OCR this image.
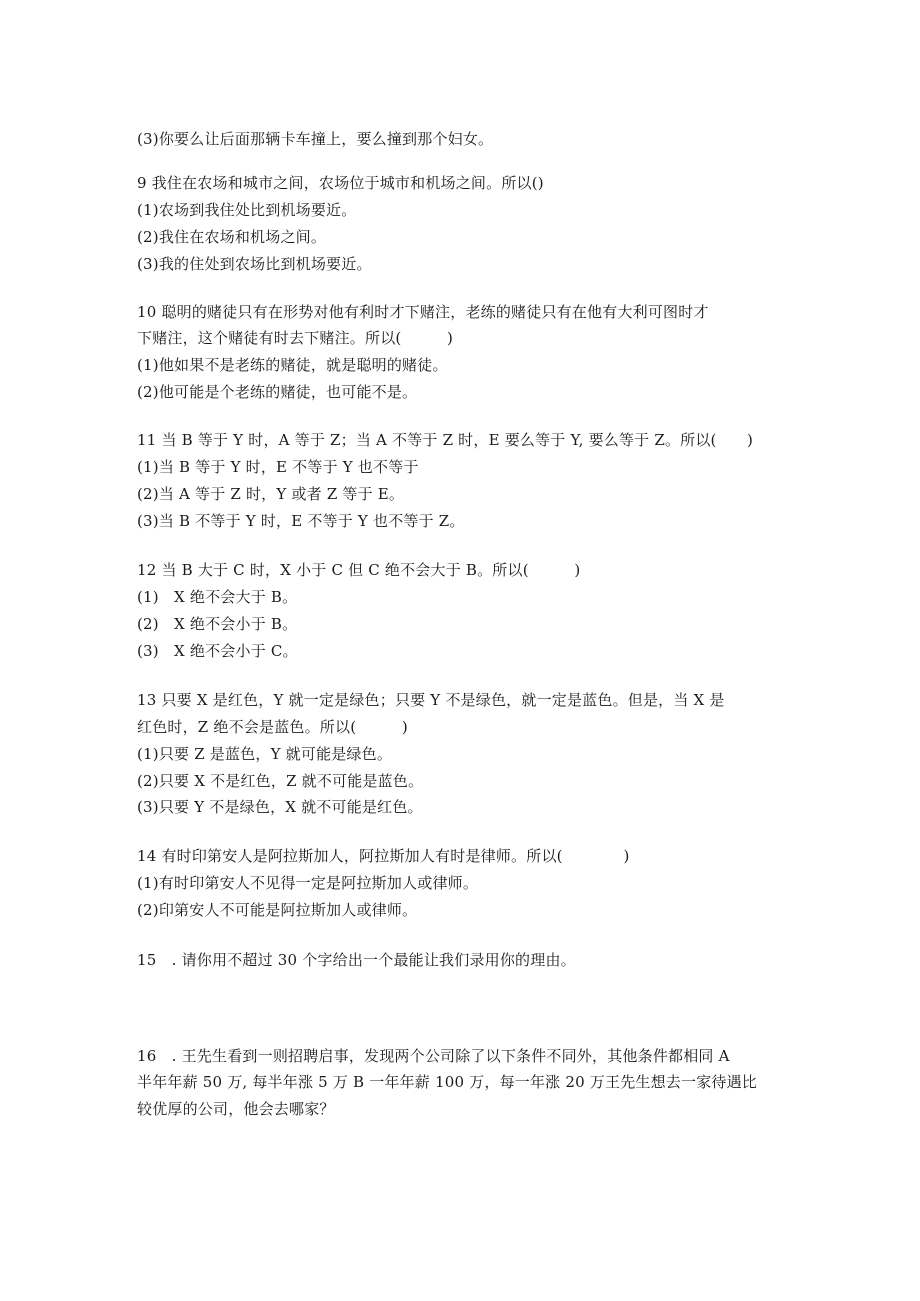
(3)你要么让后面那辆卡车撞上，要么撞到那个妇女。
9 我住在农场和城市之间，农场位于城市和机场之间。所以()
(1)农场到我住处比到机场要近。
(2)我住在农场和机场之间。
(3)我的住处到农场比到机场要近。
10 聪明的赌徒只有在形势对他有利时才下赌注，老练的赌徒只有在他有大利可图时才
下赌注，这个赌徒有时去下赌注。所以(　　　)
(1)他如果不是老练的赌徒，就是聪明的赌徒。
(2)他可能是个老练的赌徒，也可能不是。
11 当 B 等于 Y 时，A 等于 Z；当 A 不等于 Z 时，E 要么等于 Y, 要么等于 Z。所以(　　)
(1)当 B 等于 Y 时，E 不等于 Y 也不等于
(2)当 A 等于 Z 时，Y 或者 Z 等于 E。
(3)当 B 不等于 Y 时，E 不等于 Y 也不等于 Z。
12 当 B 大于 C 时，X 小于 C 但 C 绝不会大于 B。所以(　　　)
(1)　X 绝不会大于 B。
(2)　X 绝不会小于 B。
(3)　X 绝不会小于 C。
13 只要 X 是红色，Y 就一定是绿色；只要 Y 不是绿色，就一定是蓝色。但是，当 X 是
红色时，Z 绝不会是蓝色。所以(　　　)
(1)只要 Z 是蓝色，Y 就可能是绿色。
(2)只要 X 不是红色，Z 就不可能是蓝色。
(3)只要 Y 不是绿色，X 就不可能是红色。
14 有时印第安人是阿拉斯加人，阿拉斯加人有时是律师。所以(　　　　)
(1)有时印第安人不见得一定是阿拉斯加人或律师。
(2)印第安人不可能是阿拉斯加人或律师。
15　. 请你用不超过 30 个字给出一个最能让我们录用你的理由。
16　. 王先生看到一则招聘启事，发现两个公司除了以下条件不同外，其他条件都相同 A
半年年薪 50 万, 每半年涨 5 万 B 一年年薪 100 万，每一年涨 20 万王先生想去一家待遇比
较优厚的公司，他会去哪家？
